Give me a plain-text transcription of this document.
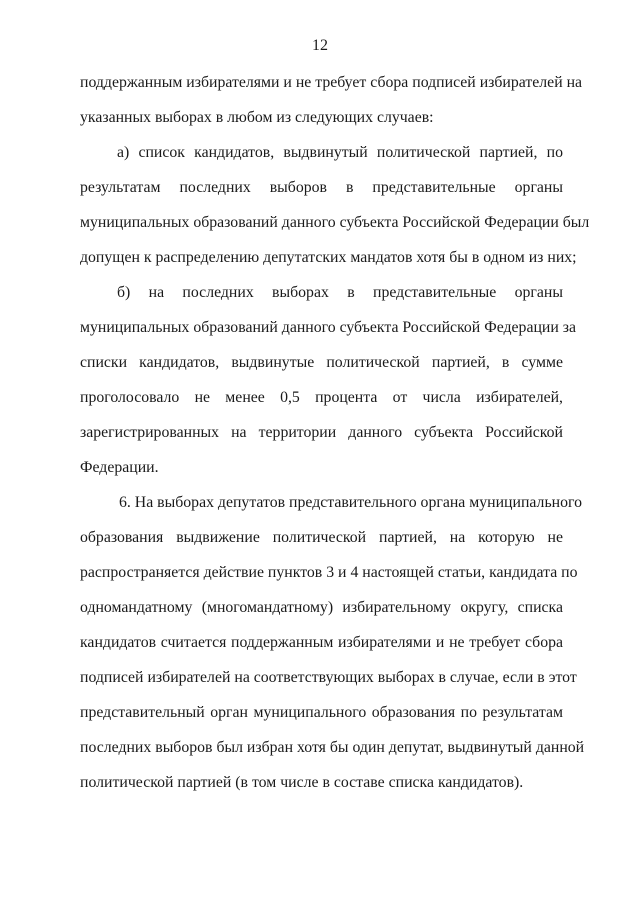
12
поддержанным избирателями и не требует сбора подписей избирателей на
указанных выборах в любом из следующих случаев:
а) список кандидатов, выдвинутый политической партией, по
результатам последних выборов в представительные органы
муниципальных образований данного субъекта Российской Федерации был
допущен к распределению депутатских мандатов хотя бы в одном из них;
б) на последних выборах в представительные органы
муниципальных образований данного субъекта Российской Федерации за
списки кандидатов, выдвинутые политической партией, в сумме
проголосовало не менее 0,5 процента от числа избирателей,
зарегистрированных на территории данного субъекта Российской
Федерации.
6. На выборах депутатов представительного органа муниципального
образования выдвижение политической партией, на которую не
распространяется действие пунктов 3 и 4 настоящей статьи, кандидата по
одномандатному (многомандатному) избирательному округу, списка
кандидатов считается поддержанным избирателями и не требует сбора
подписей избирателей на соответствующих выборах в случае, если в этот
представительный орган муниципального образования по результатам
последних выборов был избран хотя бы один депутат, выдвинутый данной
политической партией (в том числе в составе списка кандидатов).
